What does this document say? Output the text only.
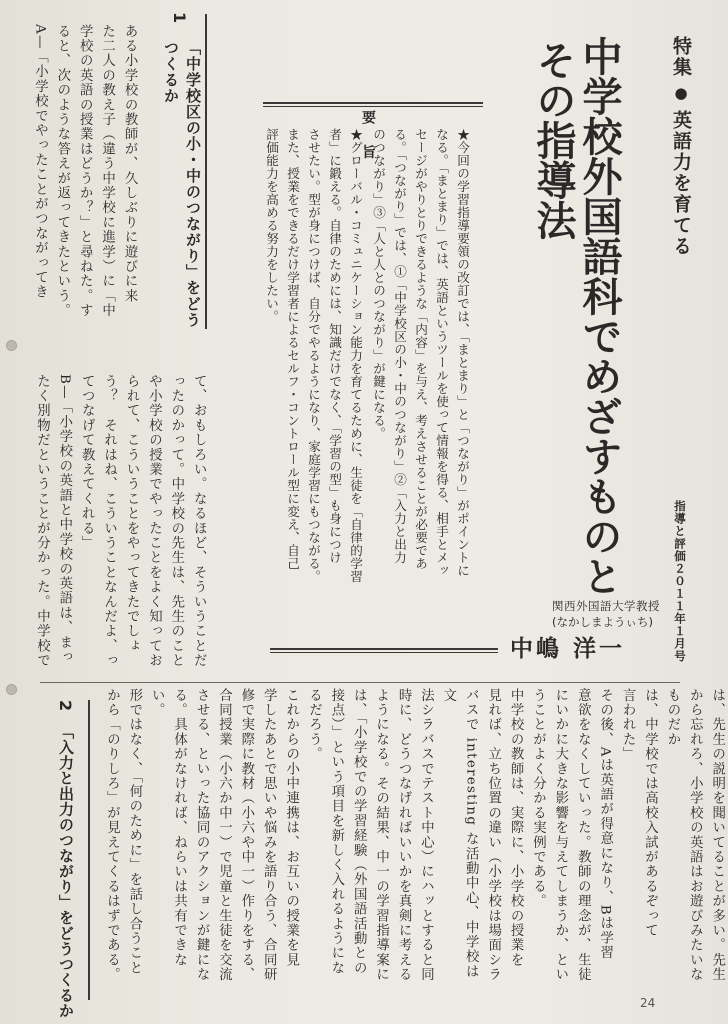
特集●英語力を育てる

指導と評価２０１１年１月号
中学校外国語科でめざすものと
その指導法
関西外国語大学教授
(なかしまようぃち)
中嶋 洋一
要 旨	★今回の学習指導要領の改訂では、「まとまり」と「つながり」がポイントに
なる。「まとまり」では、英語というツールを使って情報を得る、相手とメッ
セージがやりとりできるような「内容」を与え、考えさせることが必要であ
る。「つながり」では、①「中学校区の小・中のつながり」②「入力と出力
のつながり」③「人と人とのつながり」が鍵になる。
★グローバル・コミュニケーション能力を育てるために、生徒を「自律的学習
者」に鍛える。自律のためには、知識だけでなく、「学習の型」も身につけ
させたい。型が身につけば、自分でやるようになり、家庭学習にもつながる。
また、授業をできるだけ学習者によるセルフ・コントロール型に変え、自己
評価能力を高める努力をしたい。
1
「中学校区の小・中のつながり」をどう
つくるか
ある小学校の教師が、久しぶりに遊びに来
た二人の教え子（違う中学校に進学）に「中
学校の英語の授業はどうか？」と尋ねた。す
ると、次のような答えが返ってきたという。
A—「小学校でやったことがつながってき
て、おもしろい。なるほど、そういうことだ
ったのかって。中学校の先生は、先生のこと
や小学校の授業でやったことをよく知ってお
られて、こういうことをやってきたでしょ
う？　それはね、こういうことなんだよ、っ
てつなげて教えてくれる」
B—「小学校の英語と中学校の英語は、まっ
たく別物だということが分かった。中学校で
は、先生の説明を聞いてることが多い。先生
から忘れろ、小学校の英語はお遊びみたいなものだか
は、中学校では高校入試があるぞって
言われた」
その後、Aは英語が得意になり、Bは学習
意欲をなくしていった。教師の理念が、生徒
にいかに大きな影響を与えてしまうか、とい
うことがよく分かる実例である。
中学校の教師は、実際に、小学校の授業を
見れば、立ち位置の違い（小学校は場面シラ
バスで interesting な活動中心、中学校は文
法シラバスでテスト中心）にハッとすると同
時に、どうつなげればいいかを真剣に考える
ようになる。その結果、中一の学習指導案に
は、「小学校での学習経験（外国語活動との
接点）」という項目を新しく入れるようにな
るだろう。
これからの小中連携は、お互いの授業を見
学したあとで思いや悩みを語り合う、合同研
修で実際に教材（小六や中一）作りをする、
合同授業（小六か中一）で児童と生徒を交流
させる、といった協同のアクションが鍵にな
る。具体がなければ、ねらいは共有できない。
形ではなく、「何のために」を話し合うこと
から「のりしろ」が見えてくるはずである。
2
「入力と出力のつながり」をどうつくるか	24
